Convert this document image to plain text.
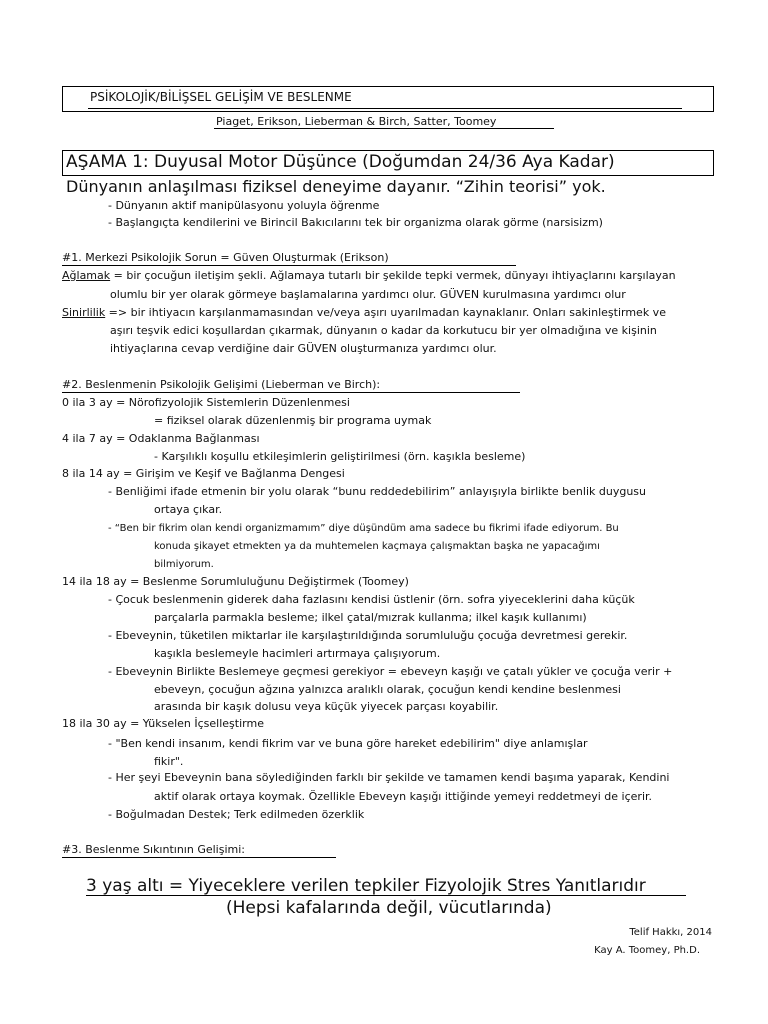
PSİKOLOJİK/BİLİŞSEL GELİŞİM VE BESLENME
Piaget, Erikson, Lieberman & Birch, Satter, Toomey
AŞAMA 1: Duyusal Motor Düşünce (Doğumdan 24/36 Aya Kadar)
Dünyanın anlaşılması fiziksel deneyime dayanır. “Zihin teorisi” yok.
- Dünyanın aktif manipülasyonu yoluyla öğrenme
- Başlangıçta kendilerini ve Birincil Bakıcılarını tek bir organizma olarak görme (narsisizm)
#1. Merkezi Psikolojik Sorun = Güven Oluşturmak (Erikson)
Ağlamak = bir çocuğun iletişim şekli. Ağlamaya tutarlı bir şekilde tepki vermek, dünyayı ihtiyaçlarını karşılayan
olumlu bir yer olarak görmeye başlamalarına yardımcı olur. GÜVEN kurulmasına yardımcı olur
Sinirlilik => bir ihtiyacın karşılanmamasından ve/veya aşırı uyarılmadan kaynaklanır. Onları sakinleştirmek ve
aşırı teşvik edici koşullardan çıkarmak, dünyanın o kadar da korkutucu bir yer olmadığına ve kişinin
ihtiyaçlarına cevap verdiğine dair GÜVEN oluşturmanıza yardımcı olur.
#2. Beslenmenin Psikolojik Gelişimi (Lieberman ve Birch):
0 ila 3 ay = Nörofizyolojik Sistemlerin Düzenlenmesi
= fiziksel olarak düzenlenmiş bir programa uymak
4 ila 7 ay = Odaklanma Bağlanması
- Karşılıklı koşullu etkileşimlerin geliştirilmesi (örn. kaşıkla besleme)
8 ila 14 ay = Girişim ve Keşif ve Bağlanma Dengesi
- Benliğimi ifade etmenin bir yolu olarak “bunu reddedebilirim” anlayışıyla birlikte benlik duygusu
ortaya çıkar.
- “Ben bir fikrim olan kendi organizmamım” diye düşündüm ama sadece bu fikrimi ifade ediyorum. Bu
konuda şikayet etmekten ya da muhtemelen kaçmaya çalışmaktan başka ne yapacağımı
bilmiyorum.
14 ila 18 ay = Beslenme Sorumluluğunu Değiştirmek (Toomey)
- Çocuk beslenmenin giderek daha fazlasını kendisi üstlenir (örn. sofra yiyeceklerini daha küçük
parçalarla parmakla besleme; ilkel çatal/mızrak kullanma; ilkel kaşık kullanımı)
- Ebeveynin, tüketilen miktarlar ile karşılaştırıldığında sorumluluğu çocuğa devretmesi gerekir.
kaşıkla beslemeyle hacimleri artırmaya çalışıyorum.
- Ebeveynin Birlikte Beslemeye geçmesi gerekiyor = ebeveyn kaşığı ve çatalı yükler ve çocuğa verir +
ebeveyn, çocuğun ağzına yalnızca aralıklı olarak, çocuğun kendi kendine beslenmesi
arasında bir kaşık dolusu veya küçük yiyecek parçası koyabilir.
18 ila 30 ay = Yükselen İçselleştirme
- "Ben kendi insanım, kendi fikrim var ve buna göre hareket edebilirim" diye anlamışlar
fikir".
- Her şeyi Ebeveynin bana söylediğinden farklı bir şekilde ve tamamen kendi başıma yaparak, Kendini
aktif olarak ortaya koymak. Özellikle Ebeveyn kaşığı ittiğinde yemeyi reddetmeyi de içerir.
- Boğulmadan Destek; Terk edilmeden özerklik
#3. Beslenme Sıkıntının Gelişimi:
3 yaş altı = Yiyeceklere verilen tepkiler Fizyolojik Stres Yanıtlarıdır
(Hepsi kafalarında değil, vücutlarında)
Telif Hakkı, 2014
Kay A. Toomey, Ph.D.
